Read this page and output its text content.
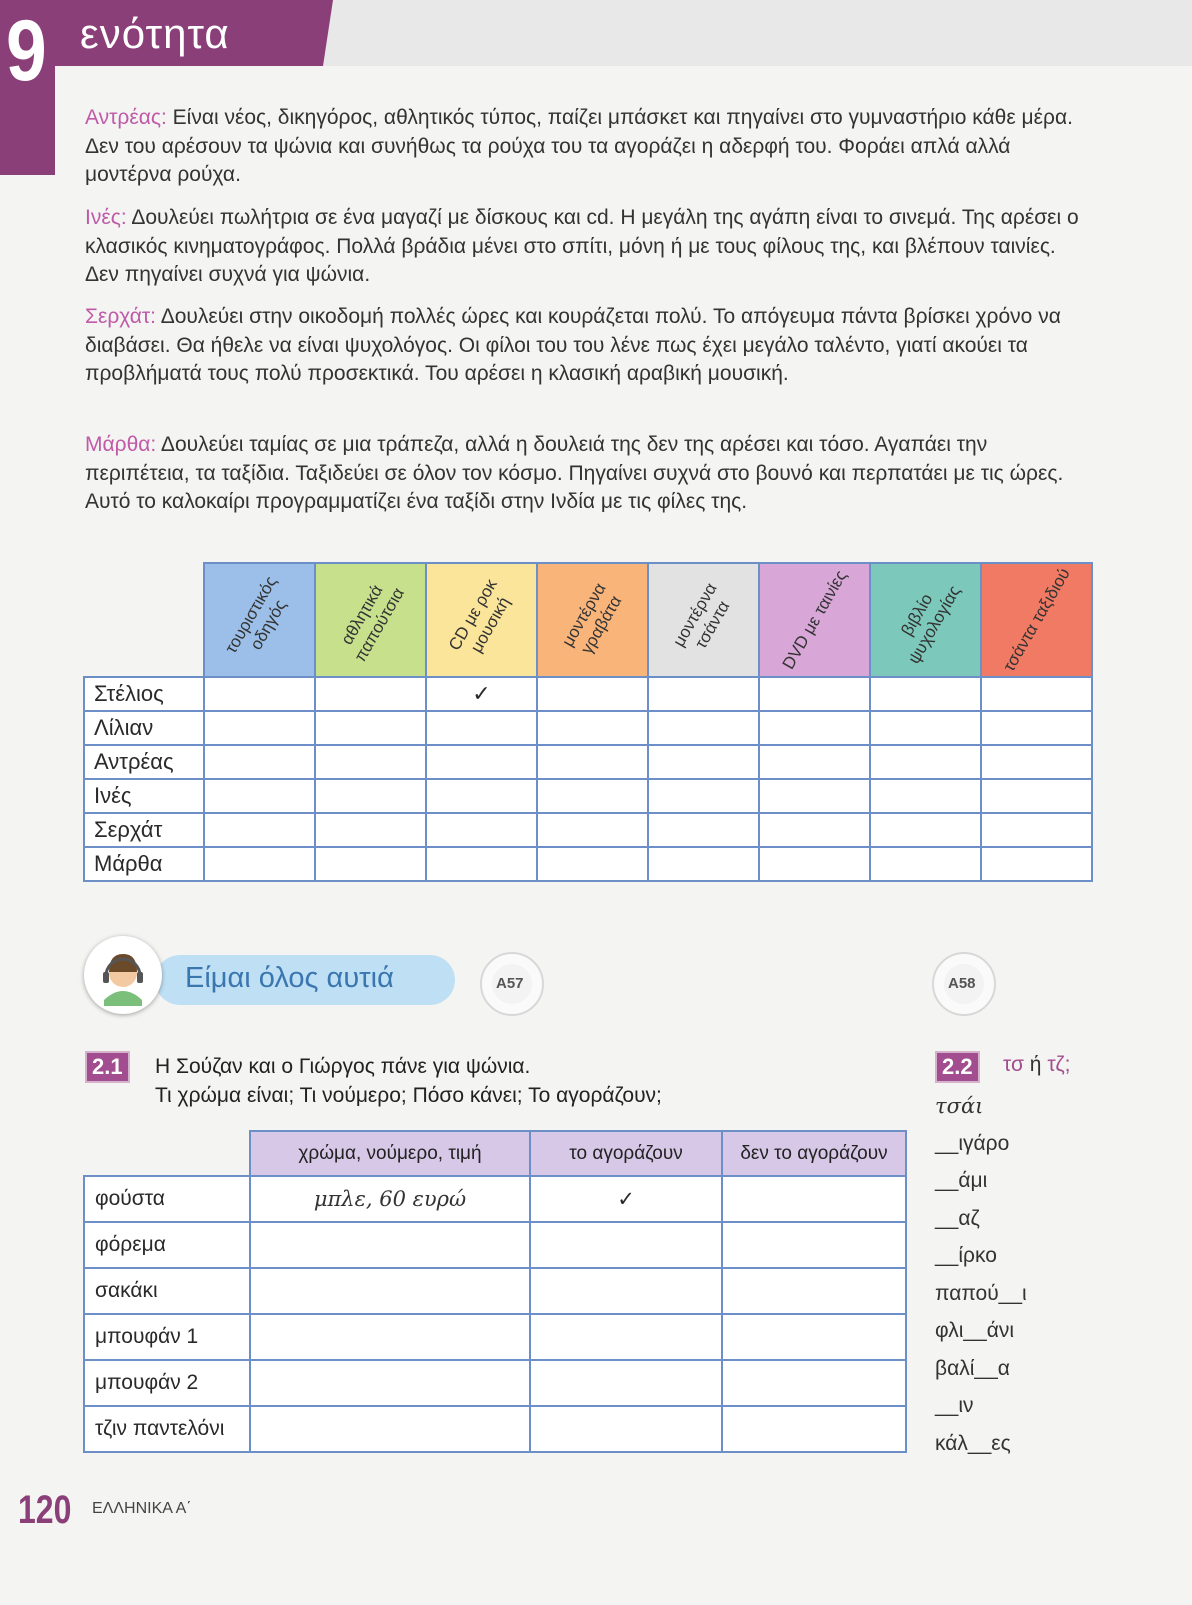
9 ενότητα
Αντρέας: Είναι νέος, δικηγόρος, αθλητικός τύπος, παίζει μπάσκετ και πηγαίνει στο γυμναστήριο κάθε μέρα. Δεν του αρέσουν τα ψώνια και συνήθως τα ρούχα του τα αγοράζει η αδερφή του. Φοράει απλά αλλά μοντέρνα ρούχα.
Ινές: Δουλεύει πωλήτρια σε ένα μαγαζί με δίσκους και cd. Η μεγάλη της αγάπη είναι το σινεμά. Της αρέσει ο κλασικός κινηματογράφος. Πολλά βράδια μένει στο σπίτι, μόνη ή με τους φίλους της, και βλέπουν ταινίες. Δεν πηγαίνει συχνά για ψώνια.
Σερχάτ: Δουλεύει στην οικοδομή πολλές ώρες και κουράζεται πολύ. Το απόγευμα πάντα βρίσκει χρόνο να διαβάσει. Θα ήθελε να είναι ψυχολόγος. Οι φίλοι του του λένε πως έχει μεγάλο ταλέντο, γιατί ακούει τα προβλήματά τους πολύ προσεκτικά. Του αρέσει η κλασική αραβική μουσική.
Μάρθα: Δουλεύει ταμίας σε μια τράπεζα, αλλά η δουλειά της δεν της αρέσει και τόσο. Αγαπάει την περιπέτεια, τα ταξίδια. Ταξιδεύει σε όλον τον κόσμο. Πηγαίνει συχνά στο βουνό και περπατάει με τις ώρες. Αυτό το καλοκαίρι προγραμματίζει ένα ταξίδι στην Ινδία με τις φίλες της.

	τουριστικός οδηγός	αθλητικά παπούτσια	CD με ροκ μουσική	μοντέρνα γραβάτα	μοντέρνα τσάντα	DVD με ταινίες	βιβλίο ψυχολογίας	τσάντα ταξιδιού

Στέλιος			✓					
Λίλιαν								
Αντρέας								
Ινές								
Σερχάτ								
Μάρθα								
Είμαι όλος αυτιά	A57	A58
2.1	Η Σούζαν και ο Γιώργος πάνε για ψώνια.
Τι χρώμα είναι; Τι νούμερο; Πόσο κάνει; Το αγοράζουν;
	χρώμα, νούμερο, τιμή	το αγοράζουν	δεν το αγοράζουν
φούστα	μπλε, 60 ευρώ	✓	
φόρεμα			
σακάκι			
μπουφάν 1			
μπουφάν 2			
τζιν παντελόνι			
2.2	τσ ή τζ;
τσάι
__ιγάρο
__άμι
__αζ
__ίρκο
παπού__ι
φλι__άνι
βαλί__α
__ιν
κάλ__ες
120 ΕΛΛΗΝΙΚΑ Α΄
